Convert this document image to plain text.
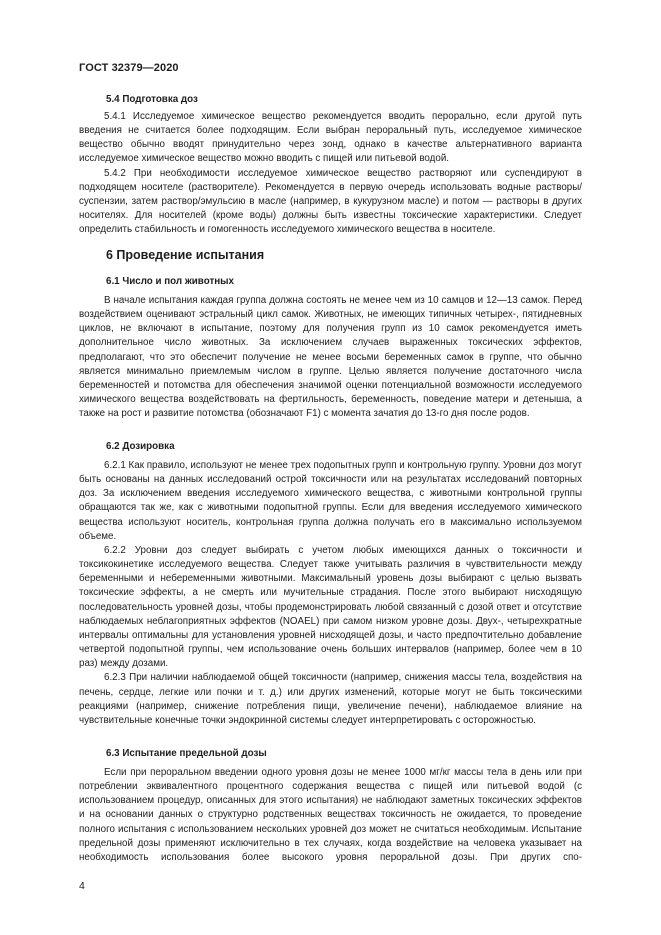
ГОСТ 32379—2020
5.4 Подготовка доз

5.4.1 Исследуемое химическое вещество рекомендуется вводить перорально, если другой путь введения не считается более подходящим. Если выбран пероральный путь, исследуемое химическое вещество обычно вводят принудительно через зонд, однако в качестве альтернативного варианта исследуемое химическое вещество можно вводить с пищей или питьевой водой.

5.4.2 При необходимости исследуемое химическое вещество растворяют или суспендируют в подходящем носителе (растворителе). Рекомендуется в первую очередь использовать водные растворы/суспензии, затем раствор/эмульсию в масле (например, в кукурузном масле) и потом — растворы в других носителях. Для носителей (кроме воды) должны быть известны токсические характеристики. Следует определить стабильность и гомогенность исследуемого химического вещества в носителе.

6 Проведение испытания
6.1 Число и пол животных

В начале испытания каждая группа должна состоять не менее чем из 10 самцов и 12—13 самок. Перед воздействием оценивают эстральный цикл самок. Животных, не имеющих типичных четырех-, пятидневных циклов, не включают в испытание, поэтому для получения групп из 10 самок рекомендуется иметь дополнительное число животных. За исключением случаев выраженных токсических эффектов, предполагают, что это обеспечит получение не менее восьми беременных самок в группе, что обычно является минимально приемлемым числом в группе. Целью является получение достаточного числа беременностей и потомства для обеспечения значимой оценки потенциальной возможности исследуемого химического вещества воздействовать на фертильность, беременность, поведение матери и детеныша, а также на рост и развитие потомства (обозначают F1) с момента зачатия до 13-го дня после родов.

6.2 Дозировка

6.2.1 Как правило, используют не менее трех подопытных групп и контрольную группу. Уровни доз могут быть основаны на данных исследований острой токсичности или на результатах исследований повторных доз. За исключением введения исследуемого химического вещества, с животными контрольной группы обращаются так же, как с животными подопытной группы. Если для введения исследуемого химического вещества используют носитель, контрольная группа должна получать его в максимально используемом объеме.

6.2.2 Уровни доз следует выбирать с учетом любых имеющихся данных о токсичности и токсикокинетике исследуемого вещества. Следует также учитывать различия в чувствительности между беременными и небеременными животными. Максимальный уровень дозы выбирают с целью вызвать токсические эффекты, а не смерть или мучительные страдания. После этого выбирают нисходящую последовательность уровней дозы, чтобы продемонстрировать любой связанный с дозой ответ и отсутствие наблюдаемых неблагоприятных эффектов (NOAEL) при самом низком уровне дозы. Двух-, четырехкратные интервалы оптимальны для установления уровней нисходящей дозы, и часто предпочтительно добавление четвертой подопытной группы, чем использование очень больших интервалов (например, более чем в 10 раз) между дозами.

6.2.3 При наличии наблюдаемой общей токсичности (например, снижения массы тела, воздействия на печень, сердце, легкие или почки и т. д.) или других изменений, которые могут не быть токсическими реакциями (например, снижение потребления пищи, увеличение печени), наблюдаемое влияние на чувствительные конечные точки эндокринной системы следует интерпретировать с осторожностью.

6.3 Испытание предельной дозы

Если при пероральном введении одного уровня дозы не менее 1000 мг/кг массы тела в день или при потреблении эквивалентного процентного содержания вещества с пищей или питьевой водой (с использованием процедур, описанных для этого испытания) не наблюдают заметных токсических эффектов и на основании данных о структурно родственных веществах токсичность не ожидается, то проведение полного испытания с использованием нескольких уровней доз может не считаться необходимым. Испытание предельной дозы применяют исключительно в тех случаях, когда воздействие на человека указывает на необходимость использования более высокого уровня пероральной дозы. При других спо-

4
